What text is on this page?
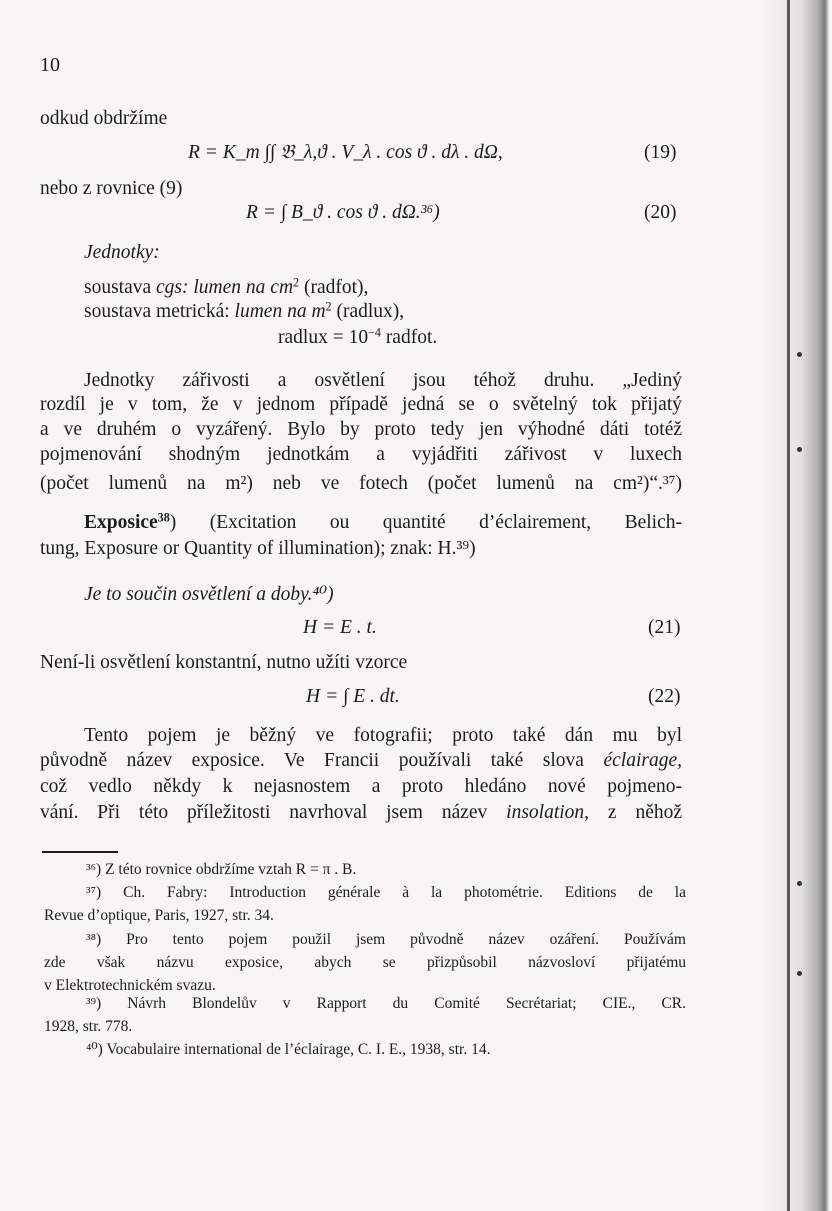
10
odkud obdržíme
R = K_m ∫∫ 𝔅_λ,ϑ . V_λ . cos ϑ . dλ . dΩ,	(19)
nebo z rovnice (9)
R = ∫ B_ϑ . cos ϑ . dΩ.³⁶)	(20)
Jednotky:
soustava cgs: lumen na $cm^2$ (radfot),
soustava metrická: lumen na $m^2$ (radlux),
radlux = $10^{-4}$ radfot.
Jednotky zářivosti a osvětlení jsou téhož druhu. „Jediný
rozdíl je v tom, že v jednom případě jedná se o světelný tok přijatý
a ve druhém o vyzářený. Bylo by proto tedy jen výhodné dáti totéž
pojmenování shodným jednotkám a vyjádřiti zářivost v luxech
(počet lumenů na m²) neb ve fotech (počet lumenů na cm²)“.³⁷)
Exposice$^{38}$) (Excitation ou quantité d’éclairement, Belich-
tung, Exposure or Quantity of illumination); znak: H.³⁹)
Je to součin osvětlení a doby.⁴⁰)
H = E . t.	(21)
Není-li osvětlení konstantní, nutno užíti vzorce
H = ∫ E . dt.	(22)
Tento pojem je běžný ve fotografii; proto také dán mu byl
původně název exposice. Ve Francii používali také slova éclairage,
což vedlo někdy k nejasnostem a proto hledáno nové pojmeno-
vání. Při této příležitosti navrhoval jsem název insolation, z něhož
³⁶) Z této rovnice obdržíme vztah R = π . B.
³⁷) Ch. Fabry: Introduction générale à la photométrie. Editions de la
Revue d’optique, Paris, 1927, str. 34.
³⁸) Pro tento pojem použil jsem původně název ozáření. Používám
zde však názvu exposice, abych se přizpůsobil názvosloví přijatému
v Elektrotechnickém svazu.
³⁹) Návrh Blondelův v Rapport du Comité Secrétariat; CIE., CR.
1928, str. 778.
⁴⁰) Vocabulaire international de l’éclairage, C. I. E., 1938, str. 14.
